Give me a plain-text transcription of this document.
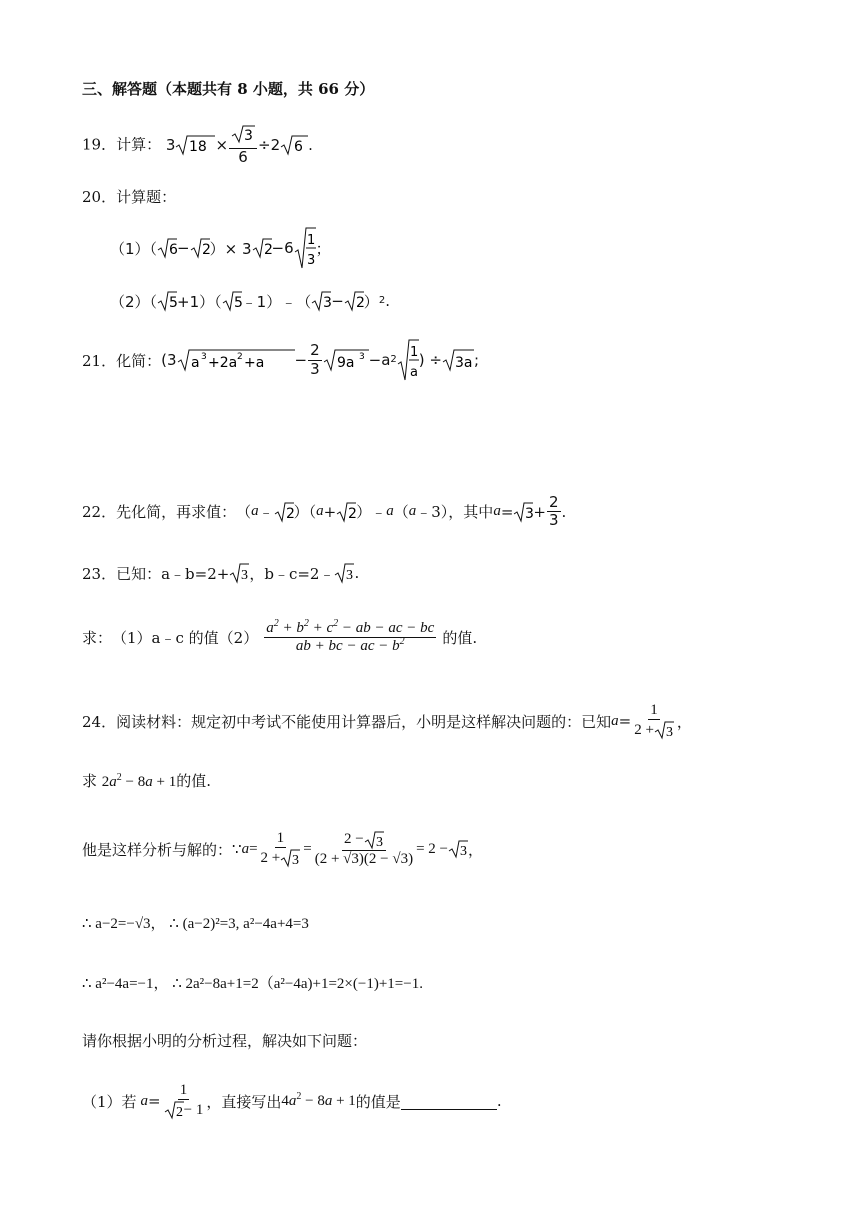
三、解答题（本题共有 8 小题，共 66 分）
19．计算： 3 $18 \times \frac{3}{6} \div 2$ 6 .
20．计算题：
（1）（ 6 − 2 ）× 3 2 −6 1
3
；
（2）（ 5 +1）（ 5 ﹣1）﹣（ 3 − 2 ） 2 .
21． 化简： (3 a 3 +2a $2 +a - \frac{2}{3} 9a$ 3 −a 2 1
a
) ÷ 3a ;
22． 先化简，再求值： （ a ﹣ 2 ）（ a + 2 ）﹣ a （ a ﹣3），其中 $a = 3 + \frac{2}{3}$ .
23． 已知： a﹣b=2+ 3 ，b﹣c=2﹣ 3 .
求： （1）a﹣c 的值 $(2) \frac{a^2 + b^2 + c^2 - ab - ac - bc}{ab + bc - ac - b^2}$ 的值.
24． 阅读材料：规定初中考试不能使用计算器后，小明是这样解决问题的：已知 $a = \frac{1}{2 + 3}$ ，
求 $2a^2 - 8a + 1$的值.
他是这样分析与解的： ∵ $a = \frac{1}{2 + 3} = \frac{2 - 3}{(2 + √3)(2 - √3)} = 2 - 3$ ，
∴ a−2=−√3， ∴ (a−2)²=3, a²−4a+4=3
∴ a²−4a=−1， ∴ 2a²−8a+1=2（a²−4a)+1=2×(−1)+1=−1.
请你根据小明的分析过程，解决如下问题：
（1）若 $a = \frac{1}{2 - 1}$ ，直接写出 $4a^2 - 8a + 1$ 的值是	.
